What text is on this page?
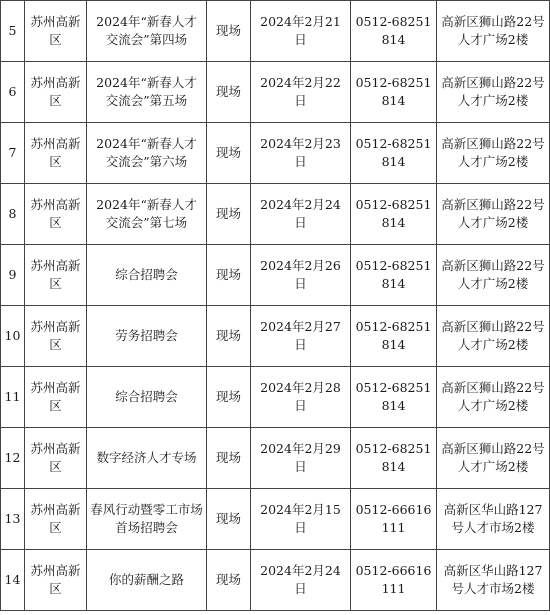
5	苏州高新区	2024年“新春人才交流会”第四场	现场	2024年2月21日	0512-68251814	高新区狮山路22号人才广场2楼
6	苏州高新区	2024年“新春人才交流会”第五场	现场	2024年2月22日	0512-68251814	高新区狮山路22号人才广场2楼
7	苏州高新区	2024年“新春人才交流会”第六场	现场	2024年2月23日	0512-68251814	高新区狮山路22号人才广场2楼
8	苏州高新区	2024年“新春人才交流会”第七场	现场	2024年2月24日	0512-68251814	高新区狮山路22号人才广场2楼
9	苏州高新区	综合招聘会	现场	2024年2月26日	0512-68251814	高新区狮山路22号人才广场2楼
10	苏州高新区	劳务招聘会	现场	2024年2月27日	0512-68251814	高新区狮山路22号人才广场2楼
11	苏州高新区	综合招聘会	现场	2024年2月28日	0512-68251814	高新区狮山路22号人才广场2楼
12	苏州高新区	数字经济人才专场	现场	2024年2月29日	0512-68251814	高新区狮山路22号人才广场2楼
13	苏州高新区	春风行动暨零工市场首场招聘会	现场	2024年2月15日	0512-66616111	高新区华山路127号人才市场2楼
14	苏州高新区	你的薪酬之路	现场	2024年2月24日	0512-66616111	高新区华山路127号人才市场2楼
